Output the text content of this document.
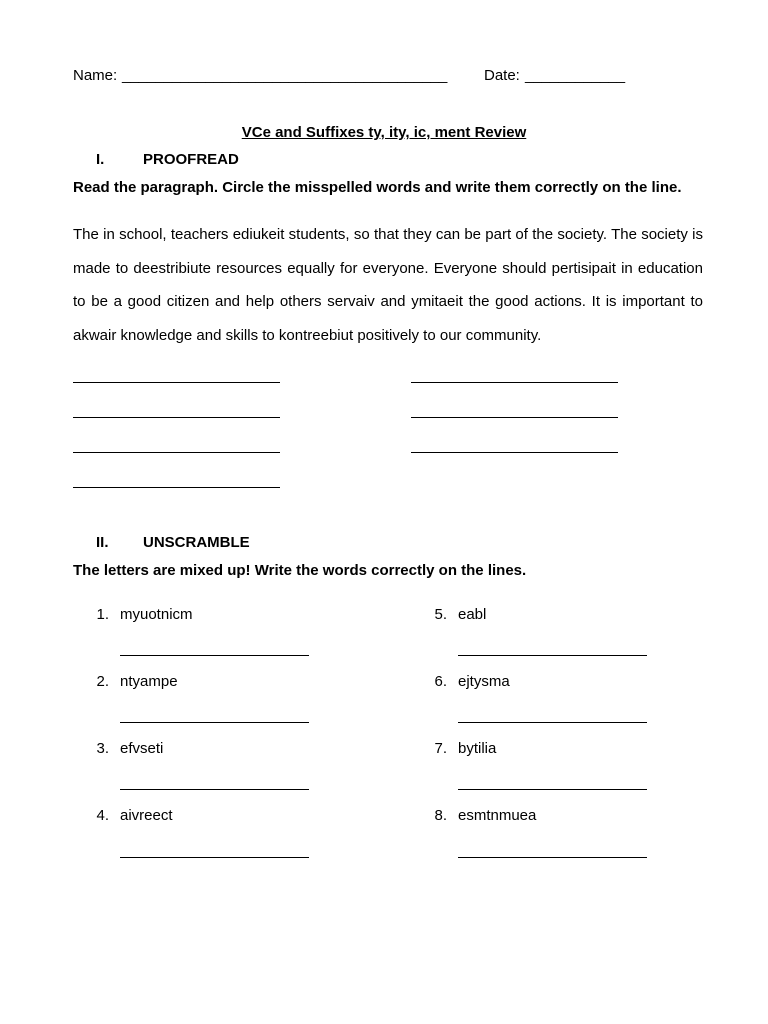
Name: _______________________________________ Date: ____________
VCe and Suffixes ty, ity, ic, ment Review
I.	PROOFREAD
Read the paragraph. Circle the misspelled words and write them correctly on the line.
The in school, teachers ediukeit students, so that they can be part of the society. The society is made to deestribiute resources equally for everyone. Everyone should pertisipait in education to be a good citizen and help others servaiv and ymitaeit the good actions. It is important to akwair knowledge and skills to kontreebiut positively to our community.
II. UNSCRAMBLE
The letters are mixed up! Write the words correctly on the lines.
1. myuotnicm
2. ntyampe
3. efvseti
4. aivreect
5. eabl
6. ejtysma
7. bytilia
8. esmtnmuea
